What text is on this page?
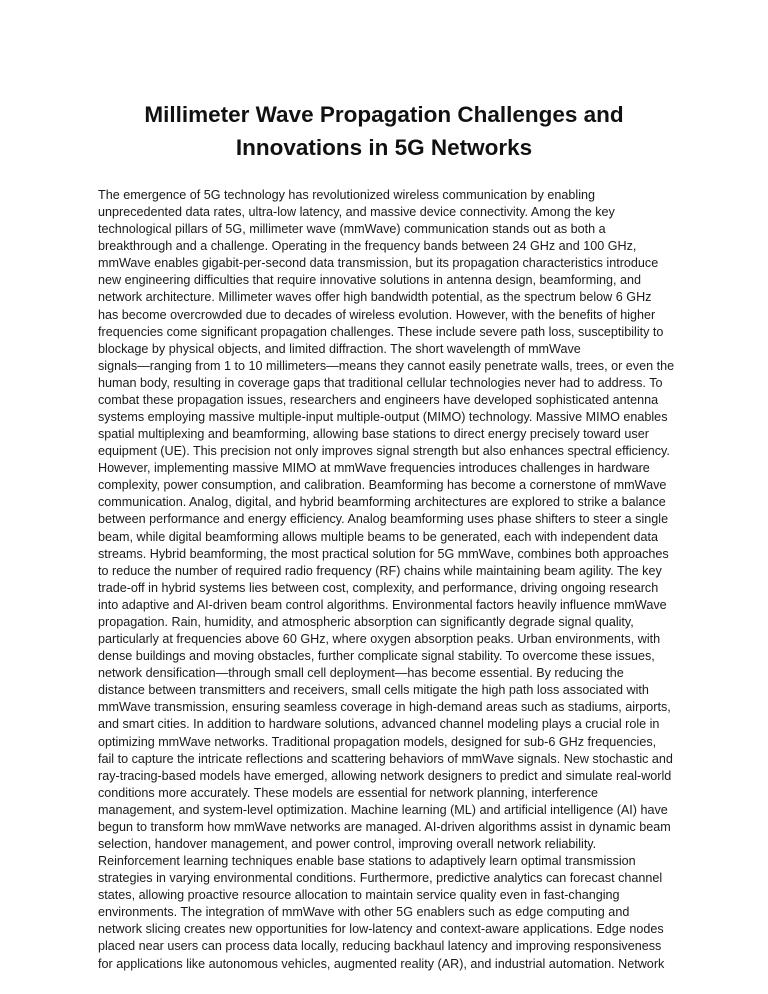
Millimeter Wave Propagation Challenges and
Innovations in 5G Networks
The emergence of 5G technology has revolutionized wireless communication by enabling
unprecedented data rates, ultra-low latency, and massive device connectivity. Among the key
technological pillars of 5G, millimeter wave (mmWave) communication stands out as both a
breakthrough and a challenge. Operating in the frequency bands between 24 GHz and 100 GHz,
mmWave enables gigabit-per-second data transmission, but its propagation characteristics introduce
new engineering difficulties that require innovative solutions in antenna design, beamforming, and
network architecture. Millimeter waves offer high bandwidth potential, as the spectrum below 6 GHz
has become overcrowded due to decades of wireless evolution. However, with the benefits of higher
frequencies come significant propagation challenges. These include severe path loss, susceptibility to
blockage by physical objects, and limited diffraction. The short wavelength of mmWave
signals—ranging from 1 to 10 millimeters—means they cannot easily penetrate walls, trees, or even the
human body, resulting in coverage gaps that traditional cellular technologies never had to address. To
combat these propagation issues, researchers and engineers have developed sophisticated antenna
systems employing massive multiple-input multiple-output (MIMO) technology. Massive MIMO enables
spatial multiplexing and beamforming, allowing base stations to direct energy precisely toward user
equipment (UE). This precision not only improves signal strength but also enhances spectral efficiency.
However, implementing massive MIMO at mmWave frequencies introduces challenges in hardware
complexity, power consumption, and calibration. Beamforming has become a cornerstone of mmWave
communication. Analog, digital, and hybrid beamforming architectures are explored to strike a balance
between performance and energy efficiency. Analog beamforming uses phase shifters to steer a single
beam, while digital beamforming allows multiple beams to be generated, each with independent data
streams. Hybrid beamforming, the most practical solution for 5G mmWave, combines both approaches
to reduce the number of required radio frequency (RF) chains while maintaining beam agility. The key
trade-off in hybrid systems lies between cost, complexity, and performance, driving ongoing research
into adaptive and AI-driven beam control algorithms. Environmental factors heavily influence mmWave
propagation. Rain, humidity, and atmospheric absorption can significantly degrade signal quality,
particularly at frequencies above 60 GHz, where oxygen absorption peaks. Urban environments, with
dense buildings and moving obstacles, further complicate signal stability. To overcome these issues,
network densification—through small cell deployment—has become essential. By reducing the
distance between transmitters and receivers, small cells mitigate the high path loss associated with
mmWave transmission, ensuring seamless coverage in high-demand areas such as stadiums, airports,
and smart cities. In addition to hardware solutions, advanced channel modeling plays a crucial role in
optimizing mmWave networks. Traditional propagation models, designed for sub-6 GHz frequencies,
fail to capture the intricate reflections and scattering behaviors of mmWave signals. New stochastic and
ray-tracing-based models have emerged, allowing network designers to predict and simulate real-world
conditions more accurately. These models are essential for network planning, interference
management, and system-level optimization. Machine learning (ML) and artificial intelligence (AI) have
begun to transform how mmWave networks are managed. AI-driven algorithms assist in dynamic beam
selection, handover management, and power control, improving overall network reliability.
Reinforcement learning techniques enable base stations to adaptively learn optimal transmission
strategies in varying environmental conditions. Furthermore, predictive analytics can forecast channel
states, allowing proactive resource allocation to maintain service quality even in fast-changing
environments. The integration of mmWave with other 5G enablers such as edge computing and
network slicing creates new opportunities for low-latency and context-aware applications. Edge nodes
placed near users can process data locally, reducing backhaul latency and improving responsiveness
for applications like autonomous vehicles, augmented reality (AR), and industrial automation. Network
